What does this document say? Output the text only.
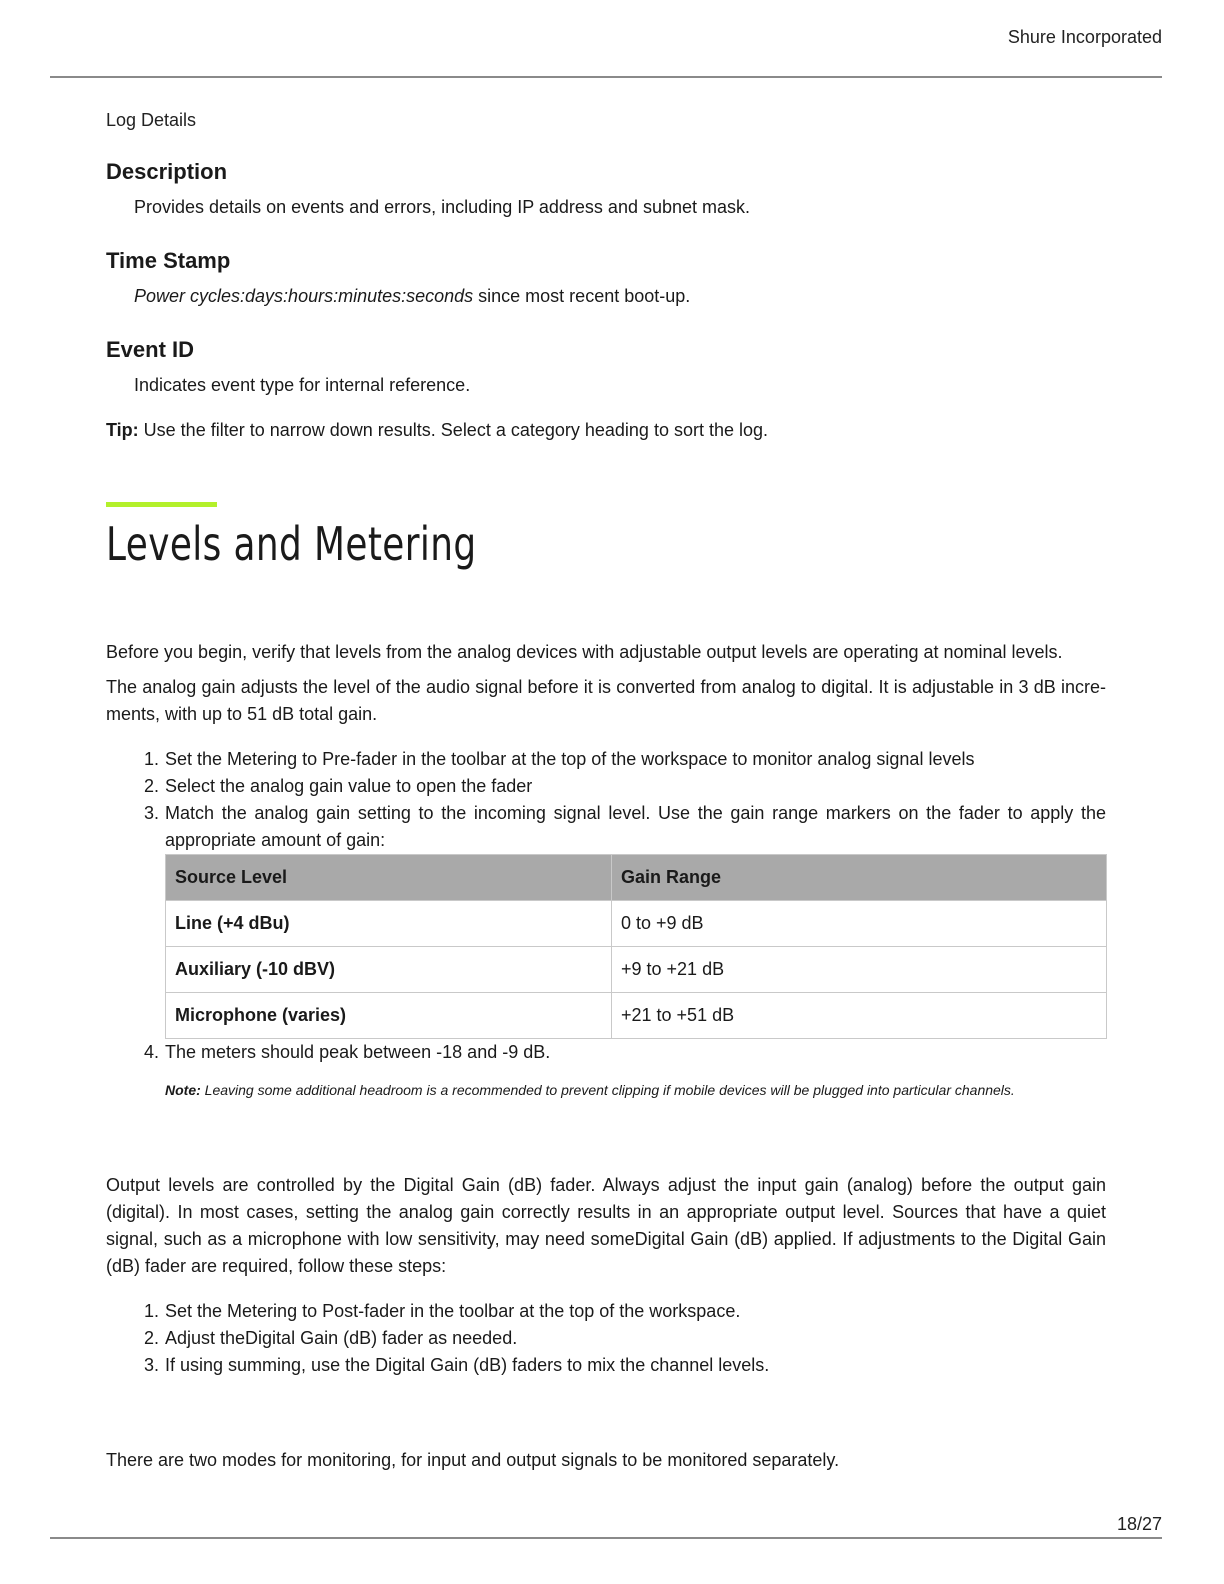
Shure Incorporated
Log Details
Description
Provides details on events and errors, including IP address and subnet mask.
Time Stamp
Power cycles:days:hours:minutes:seconds since most recent boot-up.
Event ID
Indicates event type for internal reference.
Tip: Use the filter to narrow down results. Select a category heading to sort the log.
Levels and Metering

Before you begin, verify that levels from the analog devices with adjustable output levels are operating at nominal levels.

The analog gain adjusts the level of the audio signal before it is converted from analog to digital. It is adjustable in 3 dB increments, with up to 51 dB total gain.

1. Set the Metering to Pre-fader in the toolbar at the top of the workspace to monitor analog signal levels
2. Select the analog gain value to open the fader
3. Match the analog gain setting to the incoming signal level. Use the gain range markers on the fader to apply the appropriate amount of gain:
Source Level	Gain Range
Line (+4 dBu)	0 to +9 dB
Auxiliary (-10 dBV)	+9 to +21 dB
Microphone (varies)	+21 to +51 dB
4. The meters should peak between -18 and -9 dB.
Note: Leaving some additional headroom is a recommended to prevent clipping if mobile devices will be plugged into particular channels.

Output levels are controlled by the Digital Gain (dB) fader. Always adjust the input gain (analog) before the output gain (digital). In most cases, setting the analog gain correctly results in an appropriate output level. Sources that have a quiet signal, such as a microphone with low sensitivity, may need someDigital Gain (dB) applied. If adjustments to the Digital Gain (dB) fader are required, follow these steps:

1. Set the Metering to Post-fader in the toolbar at the top of the workspace.
2. Adjust theDigital Gain (dB) fader as needed.
3. If using summing, use the Digital Gain (dB) faders to mix the channel levels.

There are two modes for monitoring, for input and output signals to be monitored separately.

18/27
